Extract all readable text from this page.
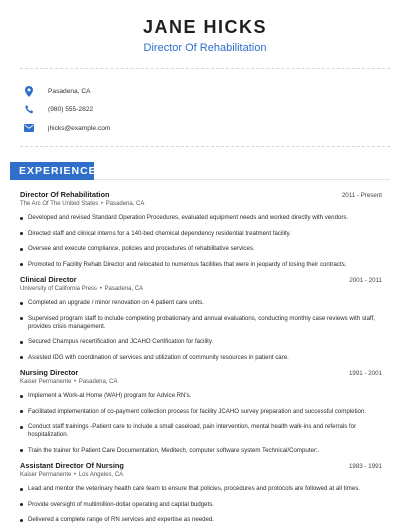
JANE HICKS
Director Of Rehabilitation
Pasadena, CA
(980) 555-2822
jhicks@example.com
EXPERIENCE
Director Of Rehabilitation	2011 - Present
The Arc Of The United States • Pasadena, CA
Developed and revised Standard Operation Procedures, evaluated equipment needs and worked directly with vendors.
Directed staff and clinical interns for a 140-bed chemical dependency residential treatment facility.
Oversee and execute compliance, policies and procedures of rehabilitative services.
Promoted to Facility Rehab Director and relocated to numerous facilities that were in jeopardy of losing their contracts.
Clinical Director	2001 - 2011
University of California Press • Pasadena, CA
Completed an upgrade / minor renovation on 4 patient care units.
Supervised program staff to include completing probationary and annual evaluations, conducting monthly case reviews with staff, provides crisis management.
Secured Champus recertification and JCAHO Certification for facility.
Assisted IDG with coordination of services and utilization of community resources in patient care.
Nursing Director	1991 - 2001
Kaiser Permanente • Pasadena, CA
Implement a Work-at Home (WAH) program for Advice RN's.
Facilitated implementation of co-payment collection process for facility JCAHO survey preparation and successful completion.
Conduct staff trainings -Patient care to include a small caseload, pain intervention, mental health walk-ins and referrals for hospitalization.
Train the trainer for Patient Care Documentation, Meditech, computer software system Technical/Computer:.
Assistant Director Of Nursing	1983 - 1991
Kaiser Permanente • Los Angeles, CA
Lead and mentor the veterinary health care team to ensure that policies, procedures and protocols are followed at all times.
Provide oversight of multimillion-dollar operating and capital budgets.
Delivered a complete range of RN services and expertise as needed.
